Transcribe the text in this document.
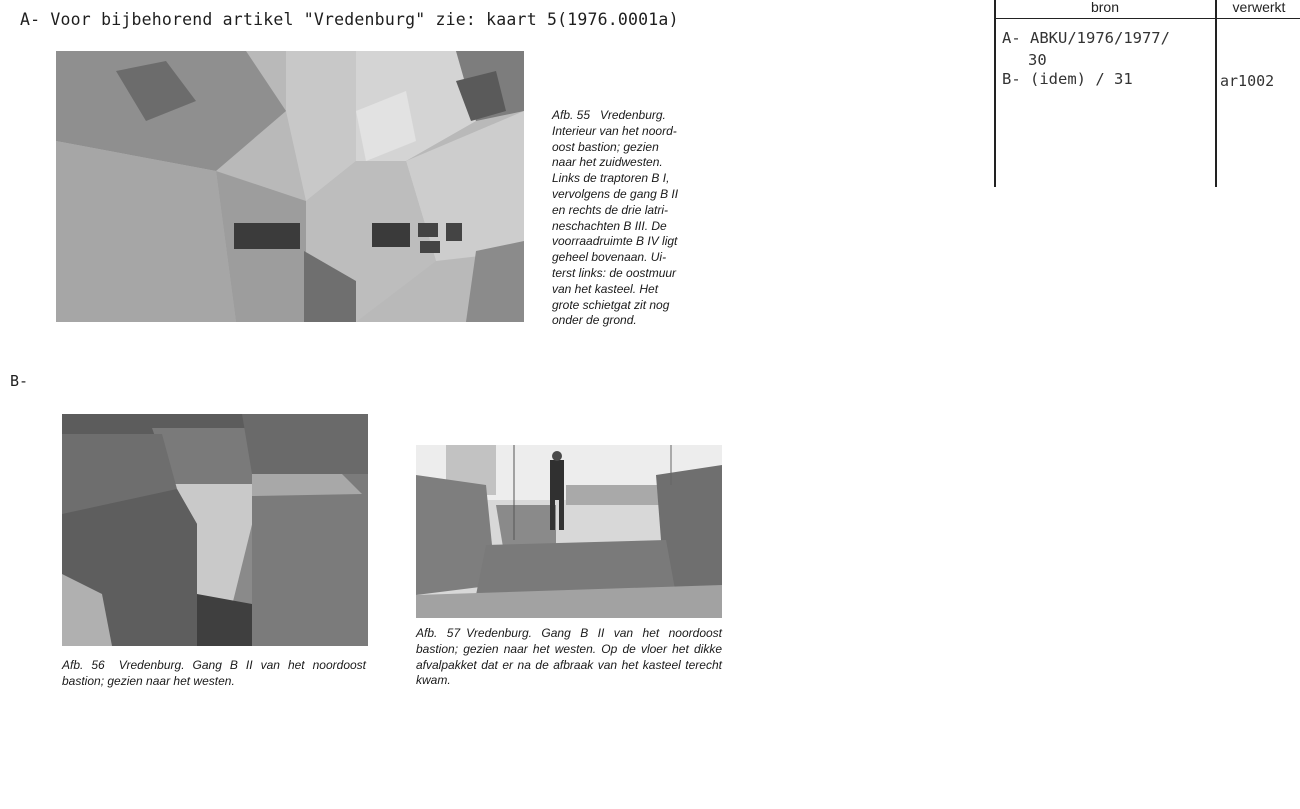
A- Voor bijbehorend artikel "Vredenburg" zie: kaart 5(1976.0001a)

Afb. 55 Vredenburg.

Interieur van het noord-

oost bastion; gezien

naar het zuidwesten.

Links de traptoren B I,

vervolgens de gang B II

en rechts de drie latri-

neschachten B III. De

voorraadruimte B IV ligt

geheel bovenaan. Ui-

terst links: de oostmuur

van het kasteel. Het

grote schietgat zit nog

onder de grond.

B-
Afb. 56 Vredenburg. Gang B II van het noordoost bastion; gezien naar het westen.
Afb. 57 Vredenburg. Gang B II van het noordoost bastion; gezien naar het westen. Op de vloer het dikke afvalpakket dat er na de afbraak van het kasteel terecht kwam.
bron	verwerkt
A- ABKU/1976/1977/
30
B- (idem) / 31	ar1002
